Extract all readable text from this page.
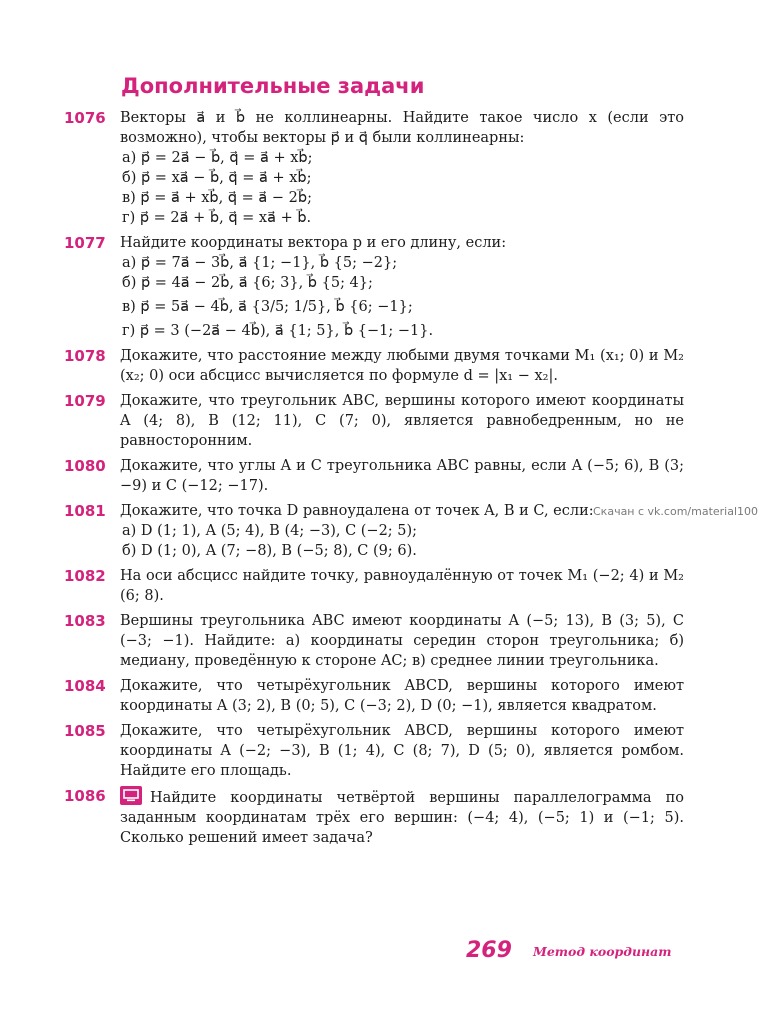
Дополнительные задачи
1076 Векторы a⃗ и b⃗ не коллинеарны. Найдите такое число x (если это возможно), чтобы векторы p⃗ и q⃗ были коллинеарны:

а) p⃗ = 2a⃗ − b⃗, q⃗ = a⃗ + xb⃗;

б) p⃗ = xa⃗ − b⃗, q⃗ = a⃗ + xb⃗;

в) p⃗ = a⃗ + xb⃗, q⃗ = a⃗ − 2b⃗;

г) p⃗ = 2a⃗ + b⃗, q⃗ = xa⃗ + b⃗.

1077 Найдите координаты вектора p и его длину, если:

а) p⃗ = 7a⃗ − 3b⃗, a⃗ {1; −1}, b⃗ {5; −2};

б) p⃗ = 4a⃗ − 2b⃗, a⃗ {6; 3}, b⃗ {5; 4};

в) p⃗ = 5a⃗ − 4b⃗, a⃗ {3/5; 1/5}, b⃗ {6; −1};

г) p⃗ = 3 (−2a⃗ − 4b⃗), a⃗ {1; 5}, b⃗ {−1; −1}.

1078 Докажите, что расстояние между любыми двумя точками M₁ (x₁; 0) и M₂ (x₂; 0) оси абсцисс вычисляется по формуле d = |x₁ − x₂|.

1079 Докажите, что треугольник ABC, вершины которого имеют координаты A (4; 8), B (12; 11), C (7; 0), является равнобедренным, но не равносторонним.

1080 Докажите, что углы A и C треугольника ABC равны, если A (−5; 6), B (3; −9) и C (−12; −17).

1081 Докажите, что точка D равноудалена от точек A, B и C, если:

а) D (1; 1), A (5; 4), B (4; −3), C (−2; 5);

б) D (1; 0), A (7; −8), B (−5; 8), C (9; 6).

1082 На оси абсцисс найдите точку, равноудалённую от точек M₁ (−2; 4) и M₂ (6; 8).

1083 Вершины треугольника ABC имеют координаты A (−5; 13), B (3; 5), C (−3; −1). Найдите: а) координаты середин сторон треугольника; б) медиану, проведённую к стороне AC; в) среднее линии треугольника.

1084 Докажите, что четырёхугольник ABCD, вершины которого имеют координаты A (3; 2), B (0; 5), C (−3; 2), D (0; −1), является квадратом.

1085 Докажите, что четырёхугольник ABCD, вершины которого имеют координаты A (−2; −3), B (1; 4), C (8; 7), D (5; 0), является ромбом. Найдите его площадь.

1086	Найдите координаты четвёртой вершины параллелограмма по заданным координатам трёх его вершин: (−4; 4), (−5; 1) и (−1; 5). Сколько решений имеет задача?

Скачан с vk.com/material100
269 Метод координат
